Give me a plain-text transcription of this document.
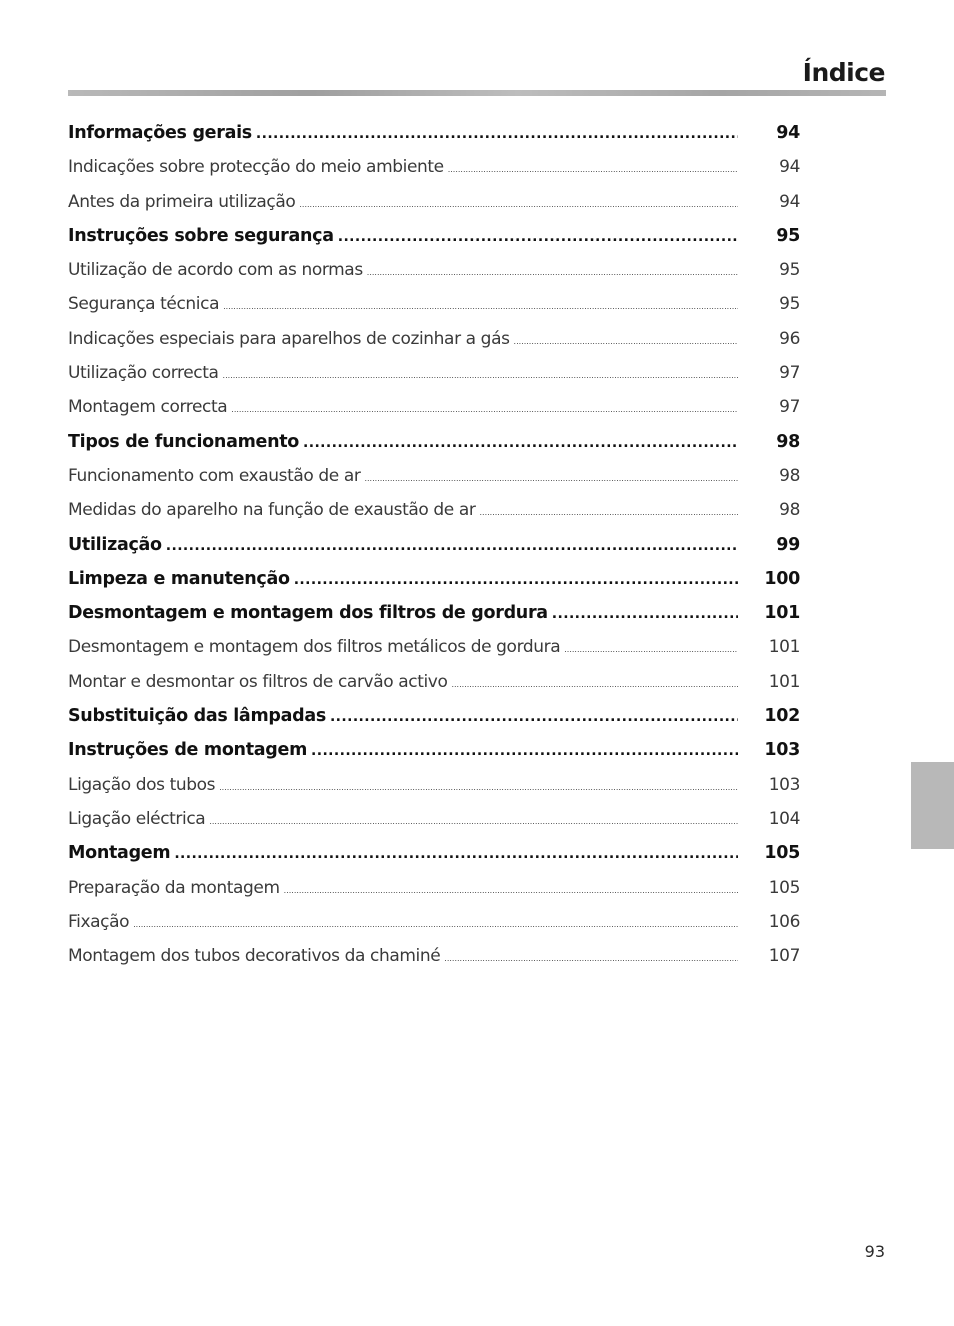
Índice
Informações gerais .....	94
Indicações sobre protecção do meio ambiente .....	94
Antes da primeira utilização .....	94
Instruções sobre segurança .....	95
Utilização de acordo com as normas .....	95
Segurança técnica .....	95
Indicações especiais para aparelhos de cozinhar a gás .....	96
Utilização correcta .....	97
Montagem correcta .....	97
Tipos de funcionamento .....	98
Funcionamento com exaustão de ar .....	98
Medidas do aparelho na função de exaustão de ar .....	98
Utilização .....	99
Limpeza e manutenção .....	100
Desmontagem e montagem dos filtros de gordura .....	101
Desmontagem e montagem dos filtros metálicos de gordura .....	101
Montar e desmontar os filtros de carvão activo .....	101
Substituição das lâmpadas .....	102
Instruções de montagem .....	103
Ligação dos tubos .....	103
Ligação eléctrica .....	104
Montagem .....	105
Preparação da montagem .....	105
Fixação .....	106
Montagem dos tubos decorativos da chaminé .....	107
93
